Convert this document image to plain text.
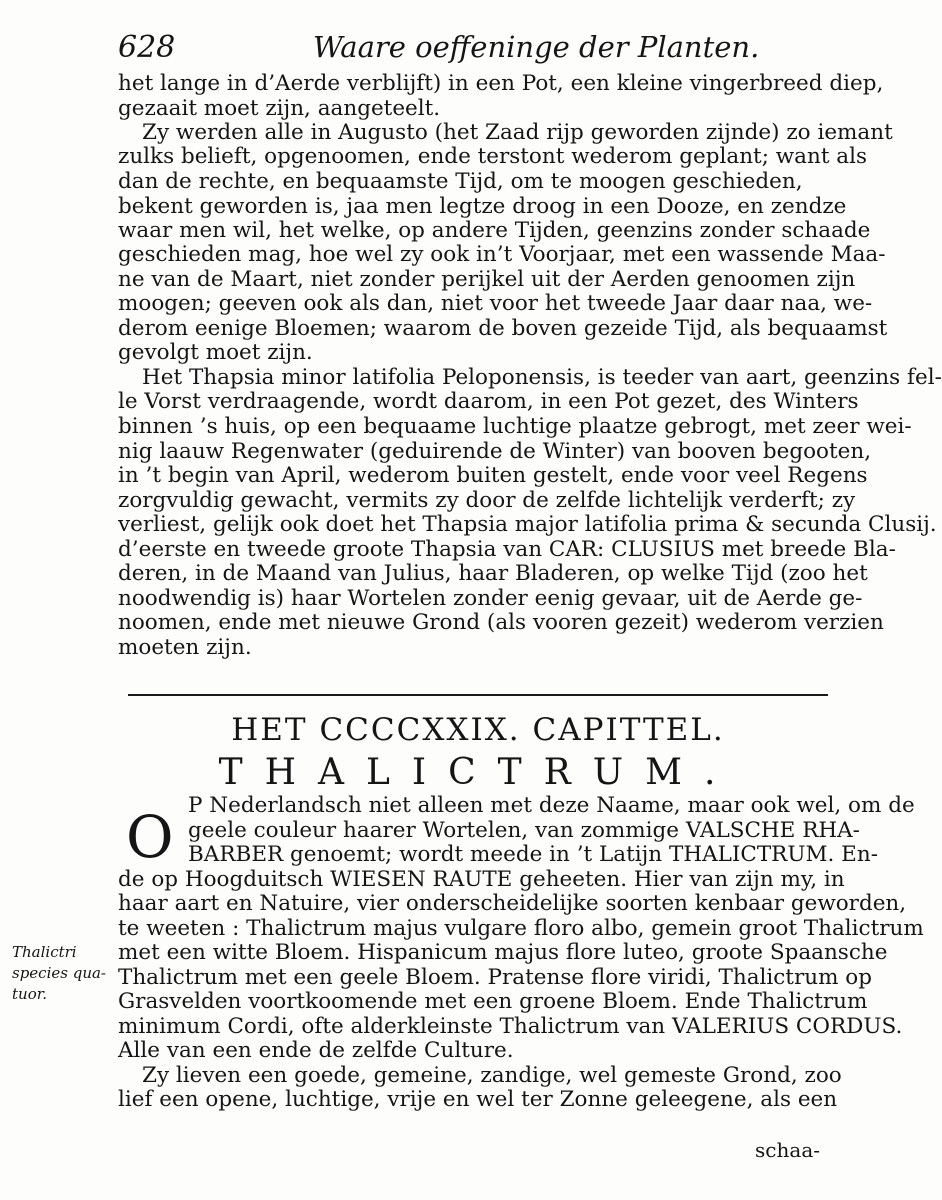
628	Waare oeffeninge der Planten.
het lange in d’Aerde verblijft) in een Pot, een kleine vingerbreed diep,
gezaait moet zijn, aangeteelt.
Zy werden alle in Augusto (het Zaad rijp geworden zijnde) zo iemant
zulks belieft, opgenoomen, ende terstont wederom geplant; want als
dan de rechte, en bequaamste Tijd, om te moogen geschieden,
bekent geworden is, jaa men legtze droog in een Dooze, en zendze
waar men wil, het welke, op andere Tijden, geenzins zonder schaade
geschieden mag, hoe wel zy ook in’t Voorjaar, met een wassende Maa-
ne van de Maart, niet zonder perijkel uit der Aerden genoomen zijn
moogen; geeven ook als dan, niet voor het tweede Jaar daar naa, we-
derom eenige Bloemen; waarom de boven gezeide Tijd, als bequaamst
gevolgt moet zijn.
Het Thapsia minor latifolia Peloponensis, is teeder van aart, geenzins fel-
le Vorst verdraagende, wordt daarom, in een Pot gezet, des Winters
binnen ’s huis, op een bequaame luchtige plaatze gebrogt, met zeer wei-
nig laauw Regenwater (geduirende de Winter) van booven begooten,
in ’t begin van April, wederom buiten gestelt, ende voor veel Regens
zorgvuldig gewacht, vermits zy door de zelfde lichtelijk verderft; zy
verliest, gelijk ook doet het Thapsia major latifolia prima & secunda Clusij.
d’eerste en tweede groote Thapsia van CAR: CLUSIUS met breede Bla-
deren, in de Maand van Julius, haar Bladeren, op welke Tijd (zoo het
noodwendig is) haar Wortelen zonder eenig gevaar, uit de Aerde ge-
noomen, ende met nieuwe Grond (als vooren gezeit) wederom verzien
moeten zijn.
HET CCCCXXIX. CAPITTEL.
THALICTRUM.
O P Nederlandsch niet alleen met deze Naame, maar ook wel, om de
geele couleur haarer Wortelen, van zommige VALSCHE RHA-
BARBER genoemt; wordt meede in ’t Latijn THALICTRUM. En-
de op Hoogduitsch WIESEN RAUTE geheeten. Hier van zijn my, in
haar aart en Natuire, vier onderscheidelijke soorten kenbaar geworden,
te weeten : Thalictrum majus vulgare floro albo, gemein groot Thalictrum
met een witte Bloem. Hispanicum majus flore luteo, groote Spaansche
Thalictrum met een geele Bloem. Pratense flore viridi, Thalictrum op
Grasvelden voortkoomende met een groene Bloem. Ende Thalictrum
minimum Cordi, ofte alderkleinste Thalictrum van VALERIUS CORDUS.
Alle van een ende de zelfde Culture.
Zy lieven een goede, gemeine, zandige, wel gemeste Grond, zoo
lief een opene, luchtige, vrije en wel ter Zonne geleegene, als een
schaa-
Thalictri
species qua-
tuor.
